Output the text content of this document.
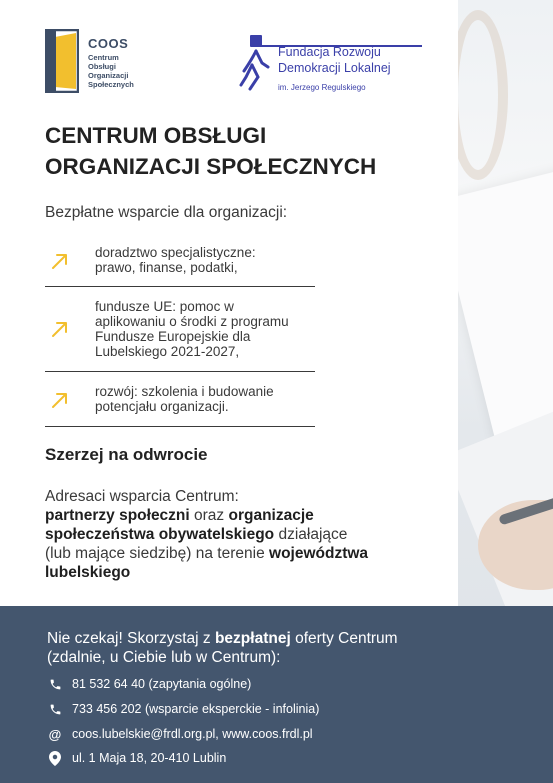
COOS
Centrum
Obsługi
Organizacji
Społecznych
Fundacja Rozwoju
Demokracji Lokalnej
im. Jerzego Regulskiego
CENTRUM OBSŁUGI
ORGANIZACJI SPOŁECZNYCH
Bezpłatne wsparcie dla organizacji:
doradztwo specjalistyczne:
prawo, finanse, podatki,
fundusze UE: pomoc w
aplikowaniu o środki z programu
Fundusze Europejskie dla
Lubelskiego 2021-2027,
rozwój: szkolenia i budowanie
potencjału organizacji.
Szerzej na odwrocie
Adresaci wsparcia Centrum:
partnerzy społeczni oraz organizacje społeczeństwa obywatelskiego działające (lub mające siedzibę) na terenie województwa lubelskiego
Nie czekaj! Skorzystaj z bezpłatnej oferty Centrum (zdalnie, u Ciebie lub w Centrum):
81 532 64 40 (zapytania ogólne)
733 456 202 (wsparcie eksperckie - infolinia)
@ coos.lubelskie@frdl.org.pl, www.coos.frdl.pl
ul. 1 Maja 18, 20-410 Lublin
